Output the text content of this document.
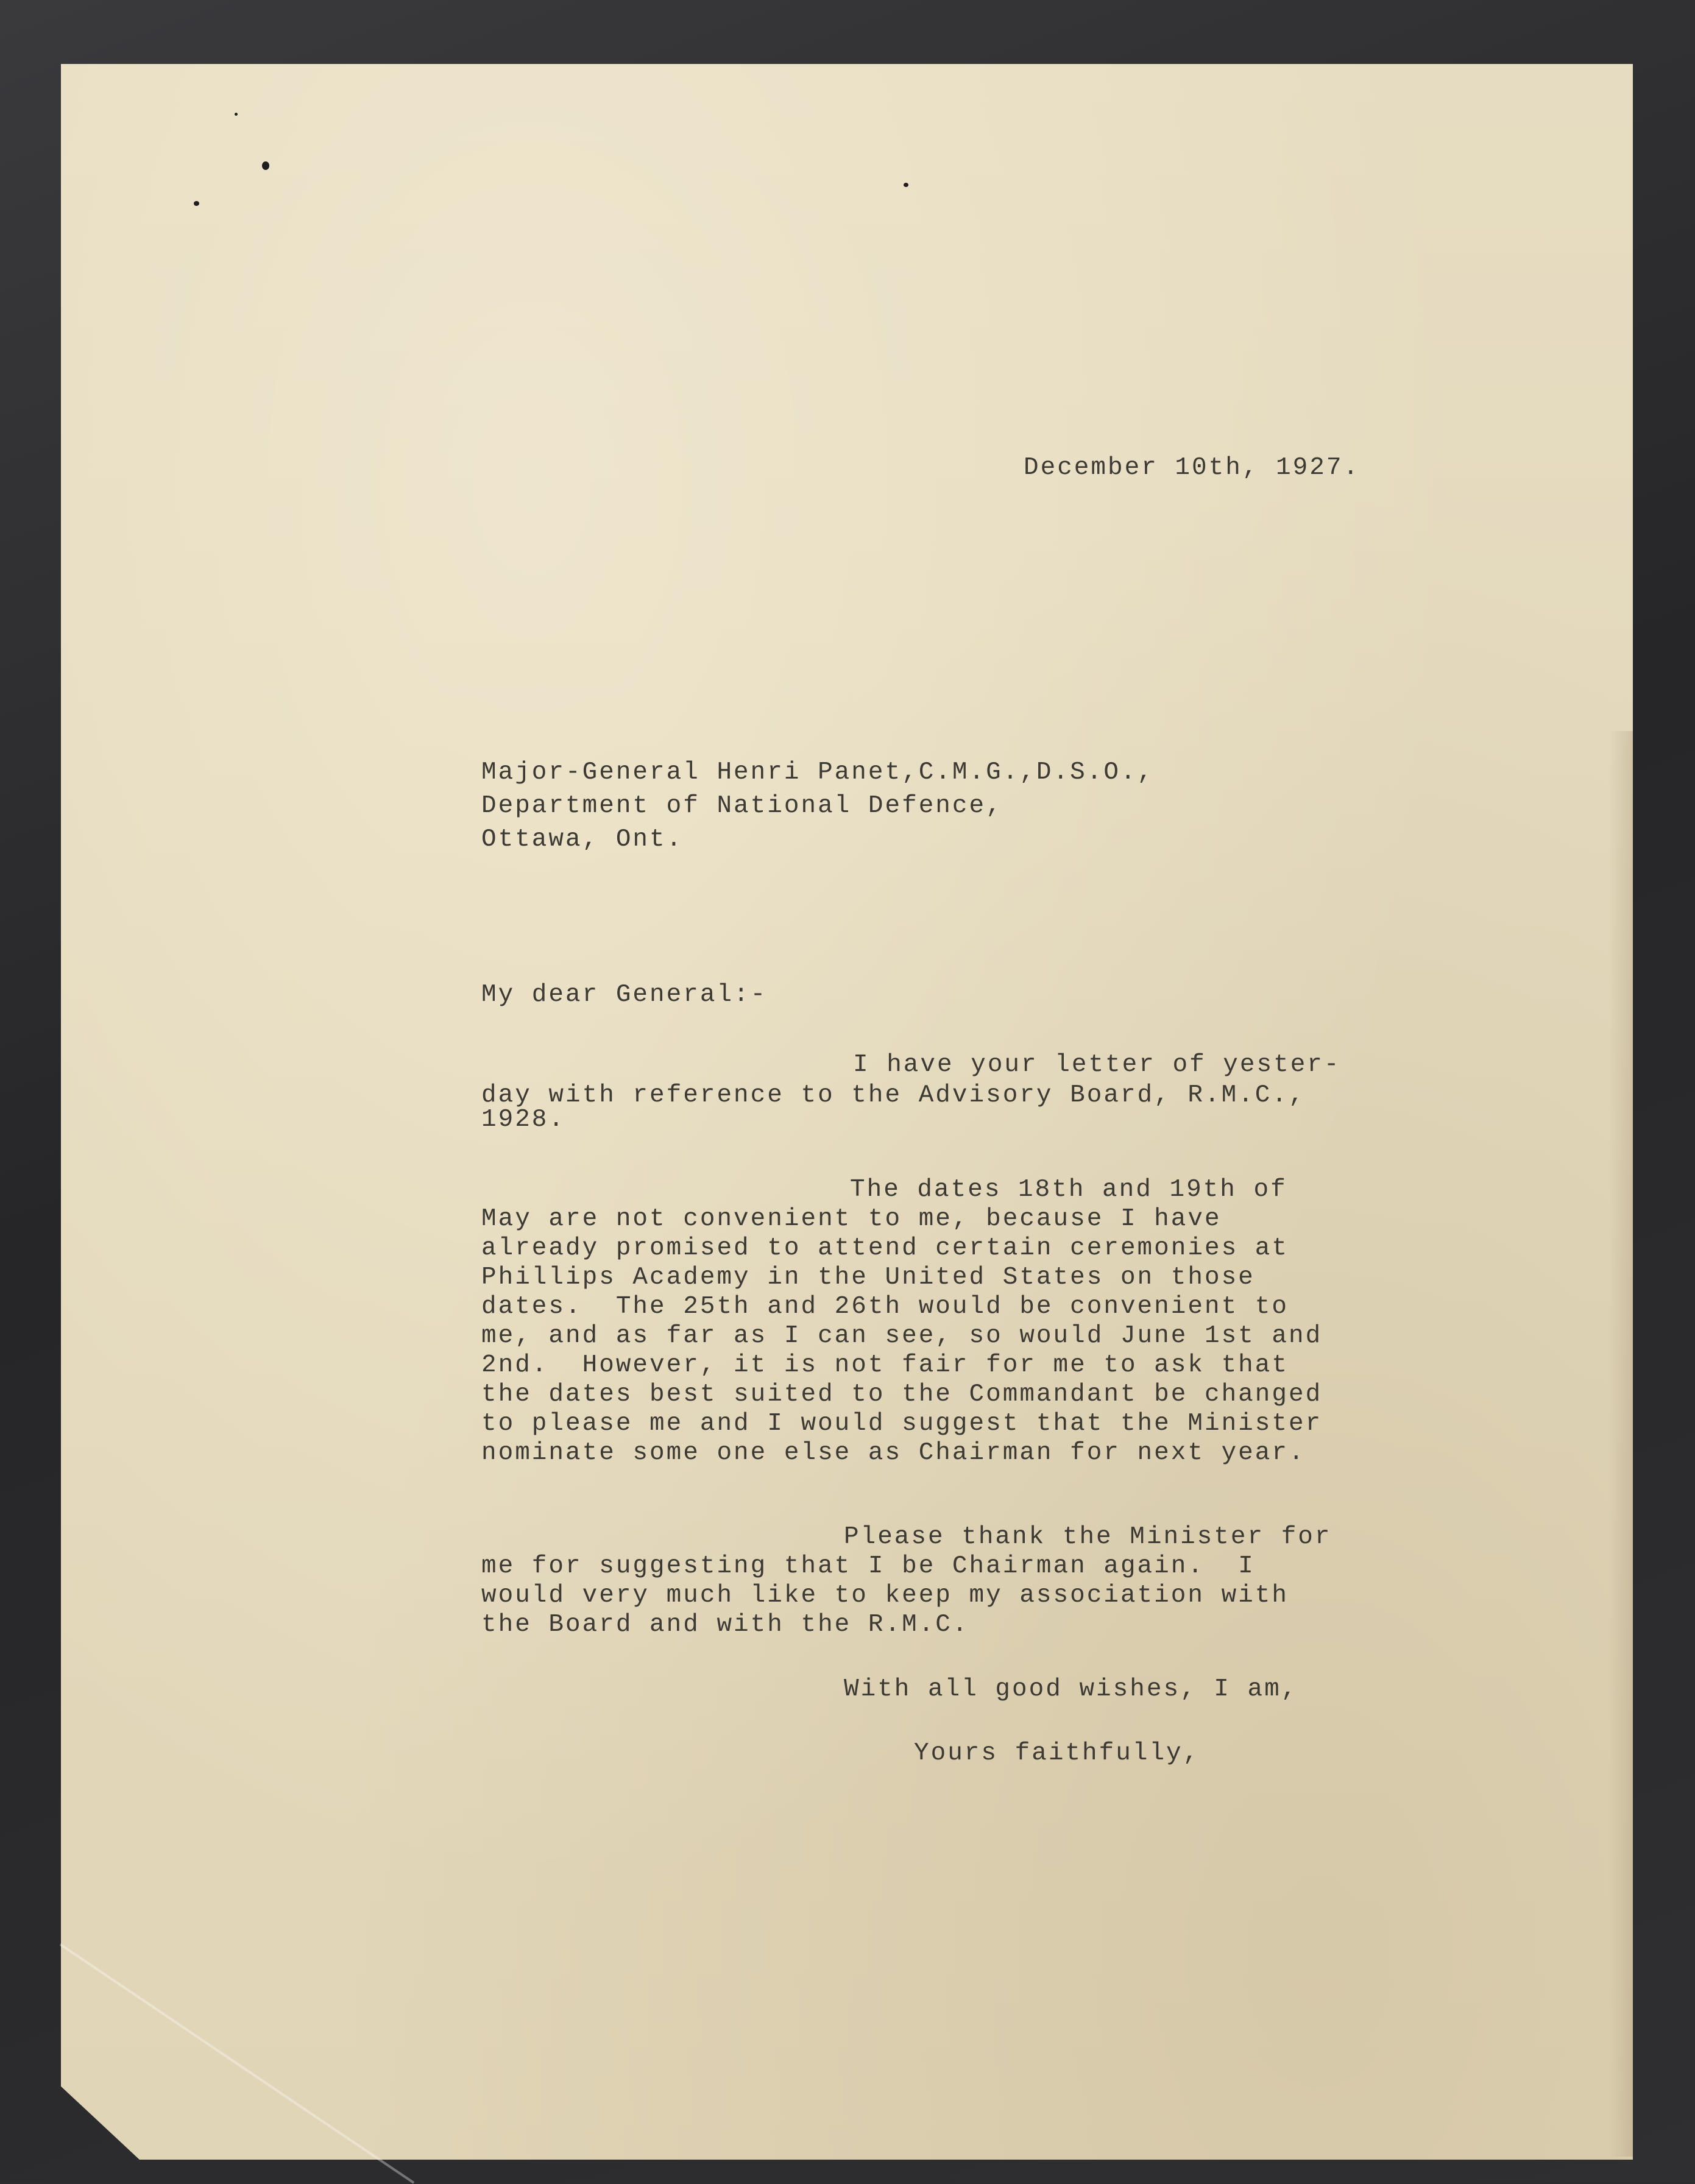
December 10th, 1927.
Major-General Henri Panet,C.M.G.,D.S.O.,
Department of National Defence,
Ottawa, Ont.
My dear General:-
I have your letter of yester-
day with reference to the Advisory Board, R.M.C.,
1928.
The dates 18th and 19th of
May are not convenient to me, because I have
already promised to attend certain ceremonies at
Phillips Academy in the United States on those
dates.  The 25th and 26th would be convenient to
me, and as far as I can see, so would June 1st and
2nd.  However, it is not fair for me to ask that
the dates best suited to the Commandant be changed
to please me and I would suggest that the Minister
nominate some one else as Chairman for next year.
Please thank the Minister for
me for suggesting that I be Chairman again.  I
would very much like to keep my association with
the Board and with the R.M.C.
With all good wishes, I am,
Yours faithfully,
